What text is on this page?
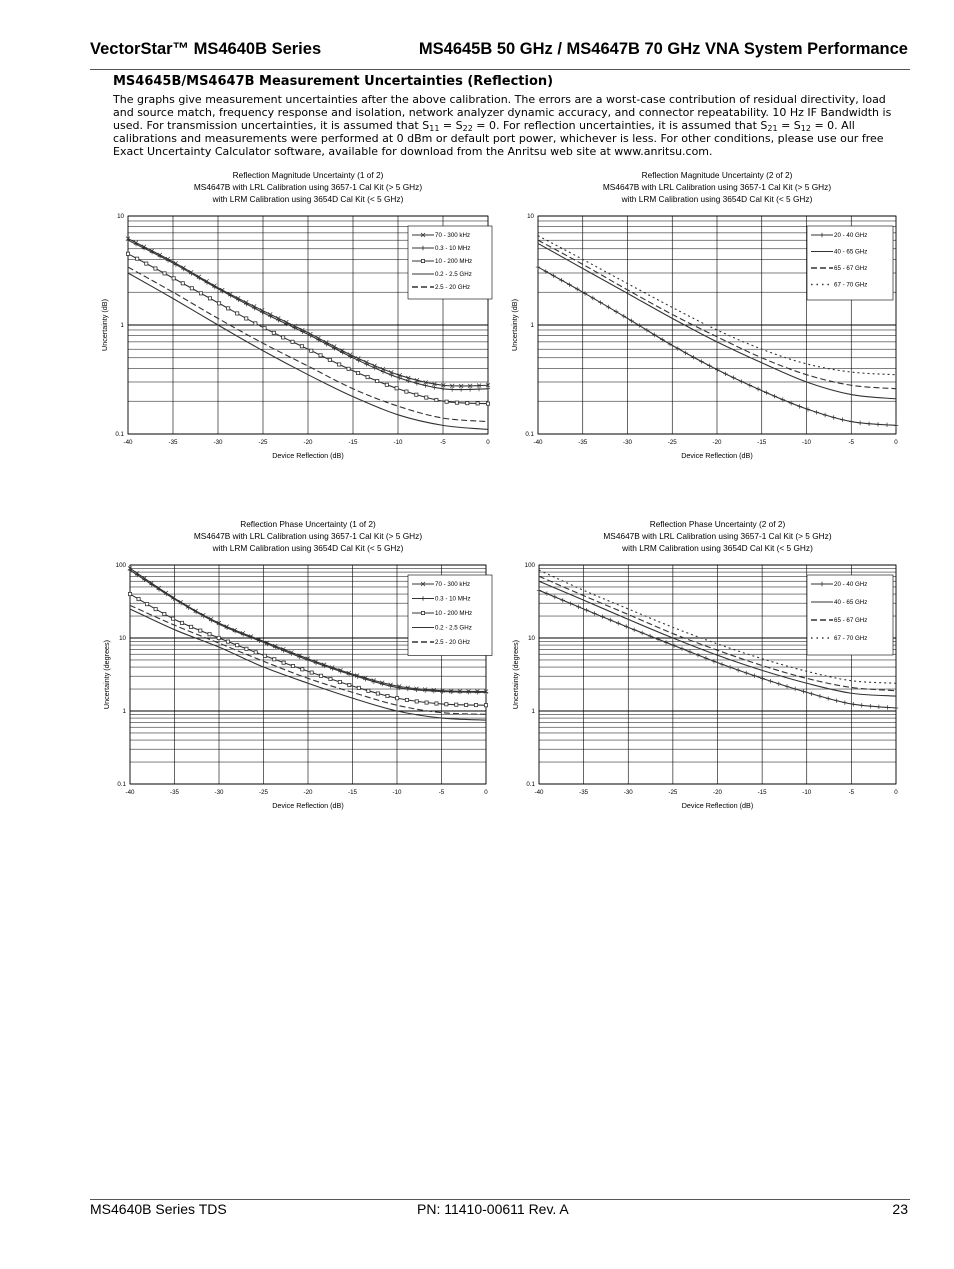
VectorStar™ MS4640B Series	MS4645B 50 GHz / MS4647B 70 GHz VNA System Performance
MS4645B/MS4647B Measurement Uncertainties (Reflection)
The graphs give measurement uncertainties after the above calibration. The errors are a worst-case contribution of residual directivity, load and source match, frequency response and isolation, network analyzer dynamic accuracy, and connector repeatability. 10 Hz IF Bandwidth is used. For transmission uncertainties, it is assumed that $S_{11} = S_{22} = 0$. For reflection uncertainties, it is assumed that $S_{21} = S_{12} = 0$. All calibrations and measurements were performed at 0 dBm or default port power, whichever is less. For other conditions, please use our free Exact Uncertainty Calculator software, available for download from the Anritsu web site at www.anritsu.com.
Reflection Magnitude Uncertainty (1 of 2)
MS4647B with LRL Calibration using 3657-1 Cal Kit (> 5 GHz)
with LRM Calibration using 3654D Cal Kit (< 5 GHz)
-40	-35	-30	-25	-20	-15	-10	-5	0
10
1
0.1
Device Reflection (dB)
Uncertainty (dB)
70 - 300 kHz
0.3 - 10 MHz
10 - 200 MHz
0.2 - 2.5 GHz
2.5 - 20 GHz
Reflection Magnitude Uncertainty (2 of 2)
MS4647B with LRL Calibration using 3657-1 Cal Kit (> 5 GHz)
with LRM Calibration using 3654D Cal Kit (< 5 GHz)
-40	-35	-30	-25	-20	-15	-10	-5	0
10
1
0.1
Device Reflection (dB)
Uncertainty (dB)
20 - 40 GHz
40 - 65 GHz
65 - 67 GHz
67 - 70 GHz
Reflection Phase Uncertainty (1 of 2)
MS4647B with LRL Calibration using 3657-1 Cal Kit (> 5 GHz)
with LRM Calibration using 3654D Cal Kit (< 5 GHz)
-40	-35	-30	-25	-20	-15	-10	-5	0
100
10
1
0.1
Device Reflection (dB)
Uncertainty (degrees)
70 - 300 kHz
0.3 - 10 MHz
10 - 200 MHz
0.2 - 2.5 GHz
2.5 - 20 GHz
Reflection Phase Uncertainty (2 of 2)
MS4647B with LRL Calibration using 3657-1 Cal Kit (> 5 GHz)
with LRM Calibration using 3654D Cal Kit (< 5 GHz)
-40	-35	-30	-25	-20	-15	-10	-5	0
100
10
1
0.1
Device Reflection (dB)
Uncertainty (degrees)
20 - 40 GHz
40 - 65 GHz
65 - 67 GHz
67 - 70 GHz
MS4640B Series TDS	PN: 11410-00611 Rev. A	23
